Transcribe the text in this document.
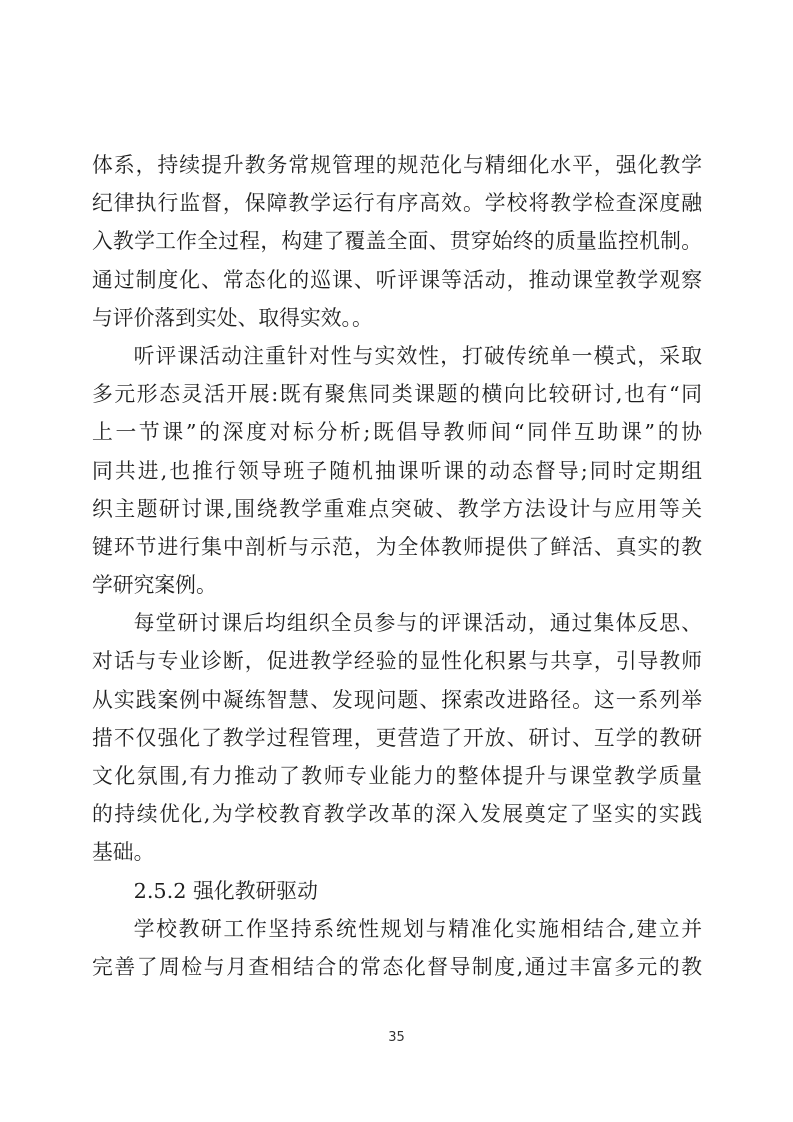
体系，持续提升教务常规管理的规范化与精细化水平，强化教学
纪律执行监督，保障教学运行有序高效。学校将教学检查深度融
入教学工作全过程，构建了覆盖全面、贯穿始终的质量监控机制。
通过制度化、常态化的巡课、听评课等活动，推动课堂教学观察
与评价落到实处、取得实效。。
听评课活动注重针对性与实效性，打破传统单一模式，采取
多元形态灵活开展:既有聚焦同类课题的横向比较研讨,也有“同
上一节课”的深度对标分析;既倡导教师间“同伴互助课”的协
同共进,也推行领导班子随机抽课听课的动态督导;同时定期组
织主题研讨课,围绕教学重难点突破、教学方法设计与应用等关
键环节进行集中剖析与示范，为全体教师提供了鲜活、真实的教
学研究案例。
每堂研讨课后均组织全员参与的评课活动，通过集体反思、
对话与专业诊断，促进教学经验的显性化积累与共享，引导教师
从实践案例中凝练智慧、发现问题、探索改进路径。这一系列举
措不仅强化了教学过程管理，更营造了开放、研讨、互学的教研
文化氛围,有力推动了教师专业能力的整体提升与课堂教学质量
的持续优化,为学校教育教学改革的深入发展奠定了坚实的实践
基础。
2.5.2 强化教研驱动
学校教研工作坚持系统性规划与精准化实施相结合,建立并
完善了周检与月查相结合的常态化督导制度,通过丰富多元的教
35
